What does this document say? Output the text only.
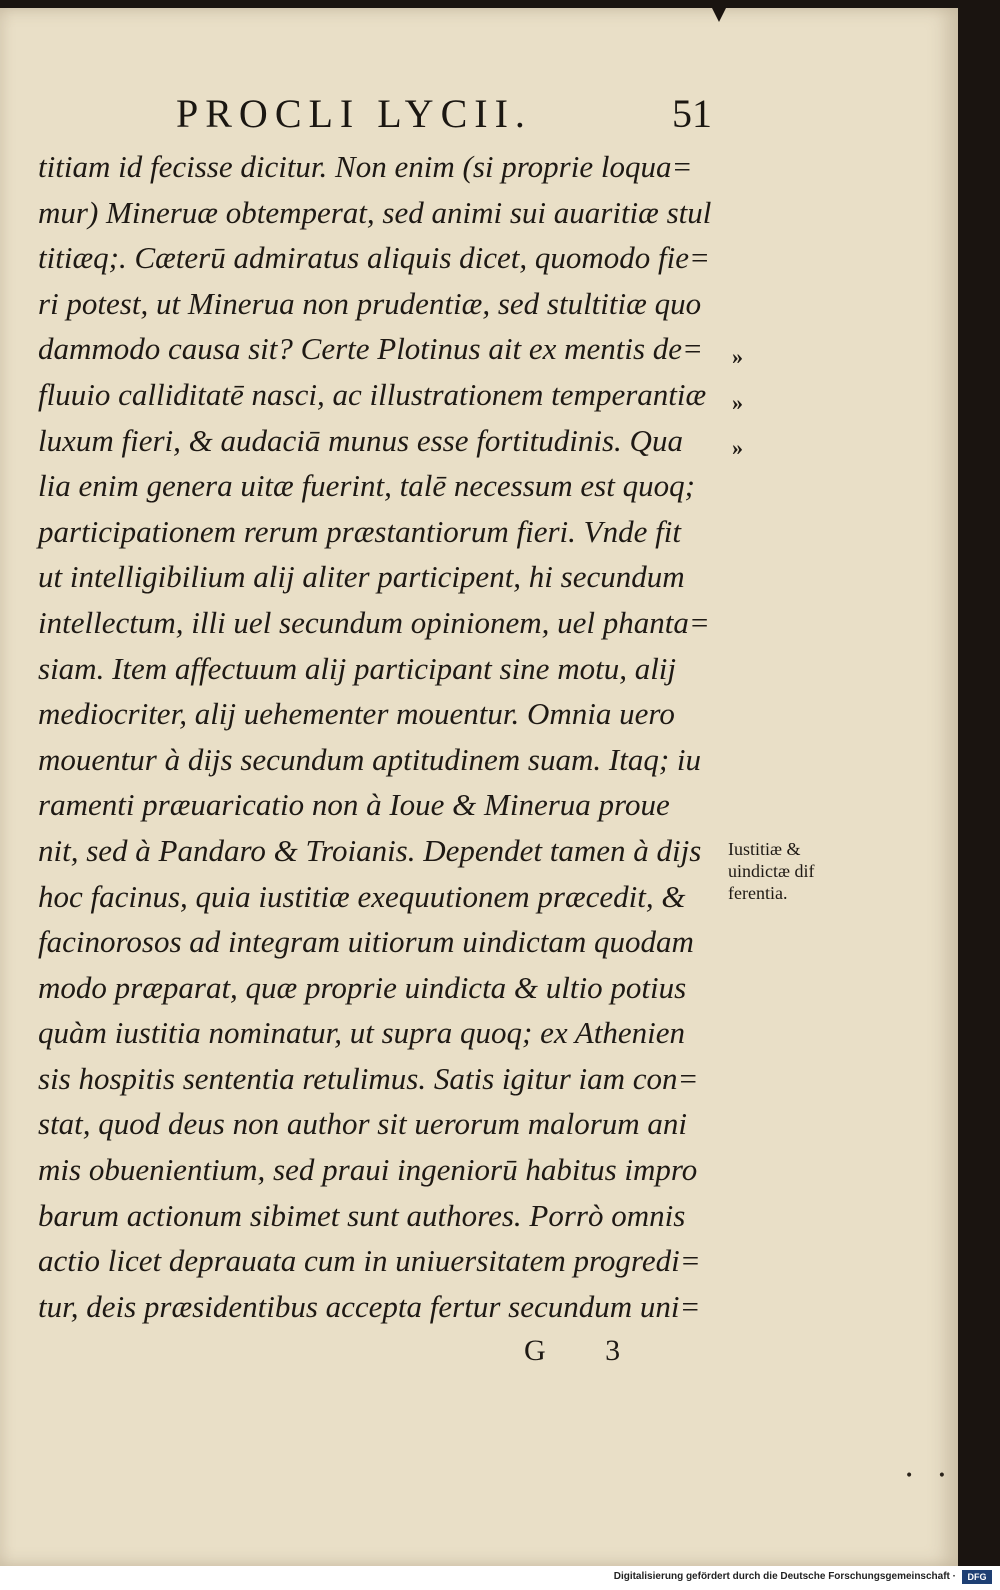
PROCLI LYCII.	51
titiam id fecisse dicitur. Non enim (si proprie loqua=
mur) Mineruæ obtemperat, sed animi sui auaritiæ stul
titiæq;. Cæterū admiratus aliquis dicet, quomodo fie=
ri potest, ut Minerua non prudentiæ, sed stultitiæ quo
dammodo causa sit? Certe Plotinus ait ex mentis de=
fluuio calliditatē nasci, ac illustrationem temperantiæ
luxum fieri, & audaciā munus esse fortitudinis. Qua
lia enim genera uitæ fuerint, talē necessum est quoq;
participationem rerum præstantiorum fieri. Vnde fit
ut intelligibilium alij aliter participent, hi secundum
intellectum, illi uel secundum opinionem, uel phanta=
siam. Item affectuum alij participant sine motu, alij
mediocriter, alij uehementer mouentur. Omnia uero
mouentur à dijs secundum aptitudinem suam. Itaq; iu
ramenti præuaricatio non à Ioue & Minerua proue
nit, sed à Pandaro & Troianis. Dependet tamen à dijs
hoc facinus, quia iustitiæ exequutionem præcedit, &
facinorosos ad integram uitiorum uindictam quodam
modo præparat, quæ proprie uindicta & ultio potius
quàm iustitia nominatur, ut supra quoq; ex Athenien
sis hospitis sententia retulimus. Satis igitur iam con=
stat, quod deus non author sit uerorum malorum ani
mis obuenientium, sed praui ingeniorū habitus impro
barum actionum sibimet sunt authores. Porrò omnis
actio licet deprauata cum in uniuersitatem progredi=
tur, deis præsidentibus accepta fertur secundum uni=
»
»
»
Iustitiæ &
uindictæ dif
ferentia.
G 3
• •
Digitalisierung gefördert durch die Deutsche Forschungsgemeinschaft ·	DFG
